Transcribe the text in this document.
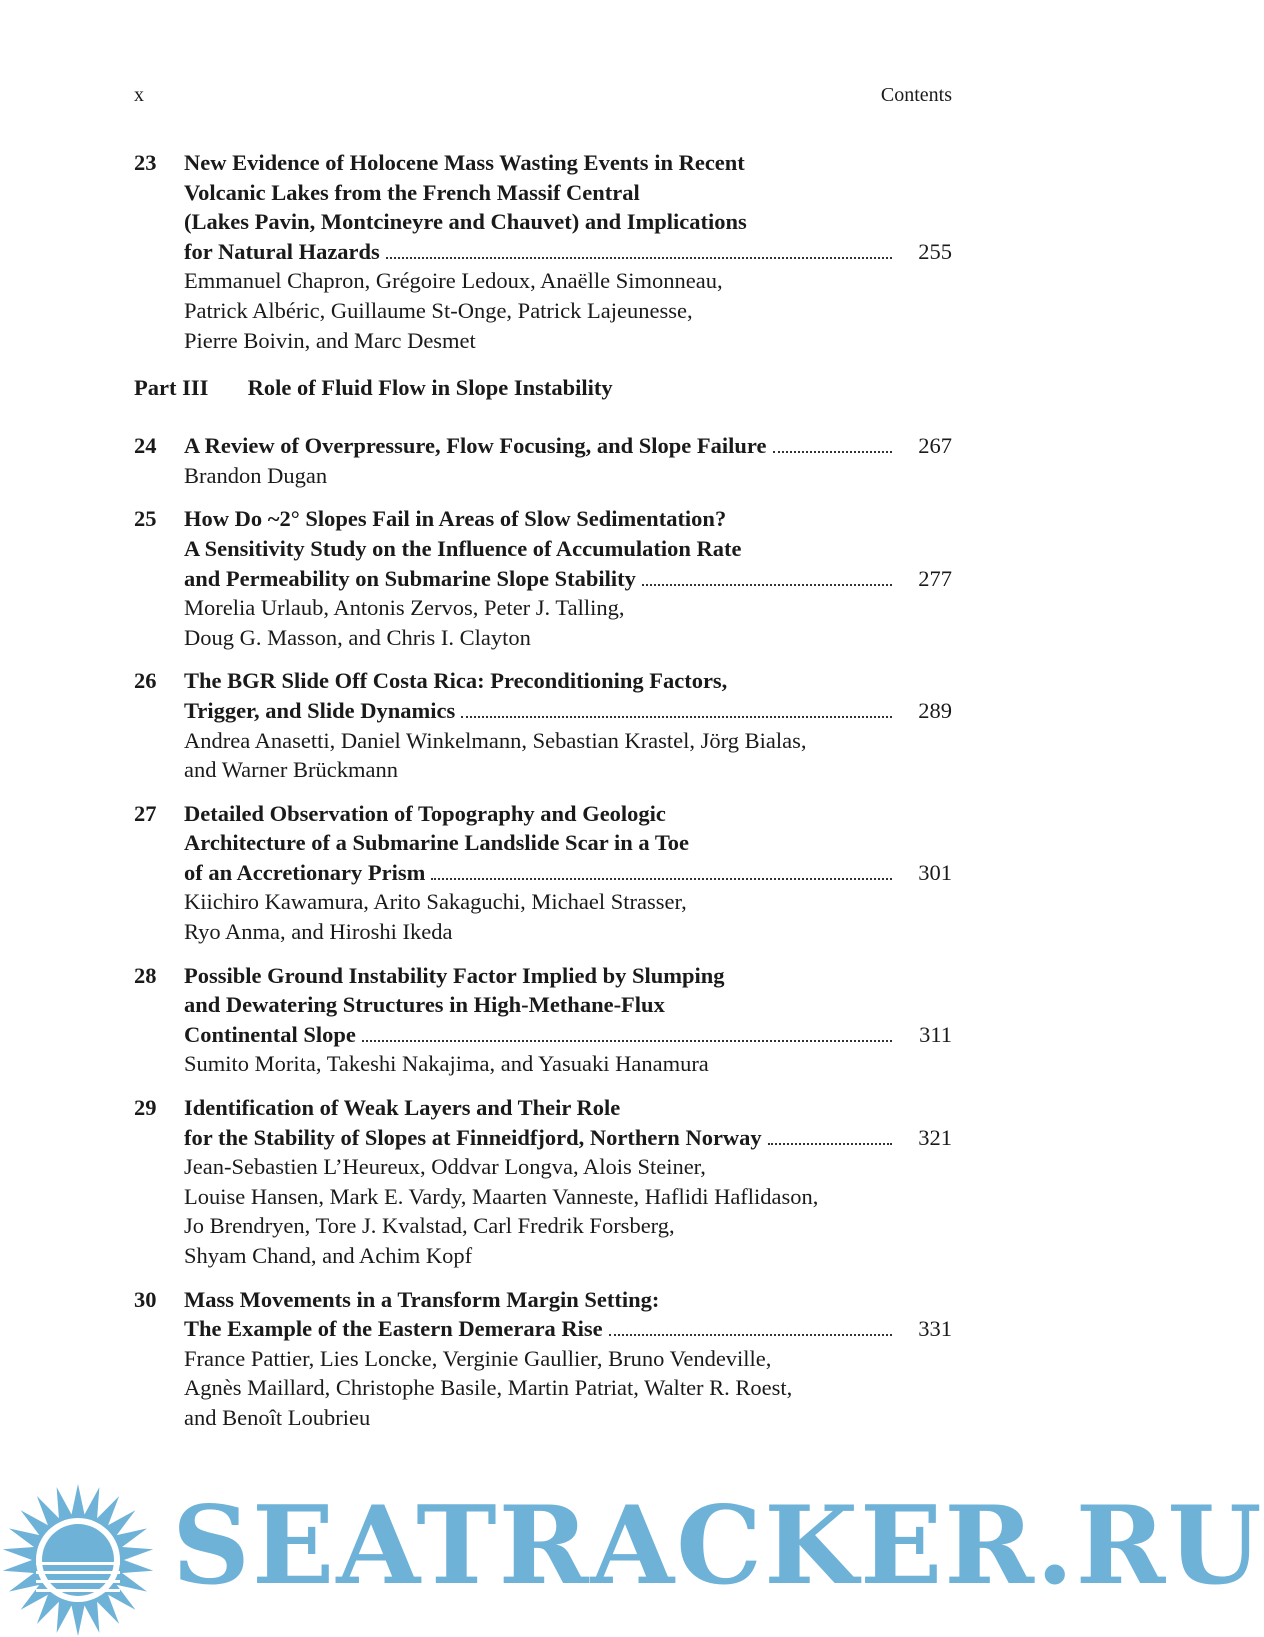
x	Contents
23 New Evidence of Holocene Mass Wasting Events in Recent
Volcanic Lakes from the French Massif Central
(Lakes Pavin, Montcineyre and Chauvet) and Implications
for Natural Hazards	255
Emmanuel Chapron, Grégoire Ledoux, Anaëlle Simonneau,
Patrick Albéric, Guillaume St-Onge, Patrick Lajeunesse,
Pierre Boivin, and Marc Desmet
Part III Role of Fluid Flow in Slope Instability
24 A Review of Overpressure, Flow Focusing, and Slope Failure	267
Brandon Dugan
25 How Do ~2° Slopes Fail in Areas of Slow Sedimentation?
A Sensitivity Study on the Influence of Accumulation Rate
and Permeability on Submarine Slope Stability	277
Morelia Urlaub, Antonis Zervos, Peter J. Talling,
Doug G. Masson, and Chris I. Clayton
26 The BGR Slide Off Costa Rica: Preconditioning Factors,
Trigger, and Slide Dynamics	289
Andrea Anasetti, Daniel Winkelmann, Sebastian Krastel, Jörg Bialas,
and Warner Brückmann
27 Detailed Observation of Topography and Geologic
Architecture of a Submarine Landslide Scar in a Toe
of an Accretionary Prism	301
Kiichiro Kawamura, Arito Sakaguchi, Michael Strasser,
Ryo Anma, and Hiroshi Ikeda
28 Possible Ground Instability Factor Implied by Slumping
and Dewatering Structures in High-Methane-Flux
Continental Slope	311
Sumito Morita, Takeshi Nakajima, and Yasuaki Hanamura
29 Identification of Weak Layers and Their Role
for the Stability of Slopes at Finneidfjord, Northern Norway	321
Jean-Sebastien L’Heureux, Oddvar Longva, Alois Steiner,
Louise Hansen, Mark E. Vardy, Maarten Vanneste, Haflidi Haflidason,
Jo Brendryen, Tore J. Kvalstad, Carl Fredrik Forsberg,
Shyam Chand, and Achim Kopf
30 Mass Movements in a Transform Margin Setting:
The Example of the Eastern Demerara Rise	331
France Pattier, Lies Loncke, Verginie Gaullier, Bruno Vendeville,
Agnès Maillard, Christophe Basile, Martin Patriat, Walter R. Roest,
and Benoît Loubrieu
SEATRACKER.RU
